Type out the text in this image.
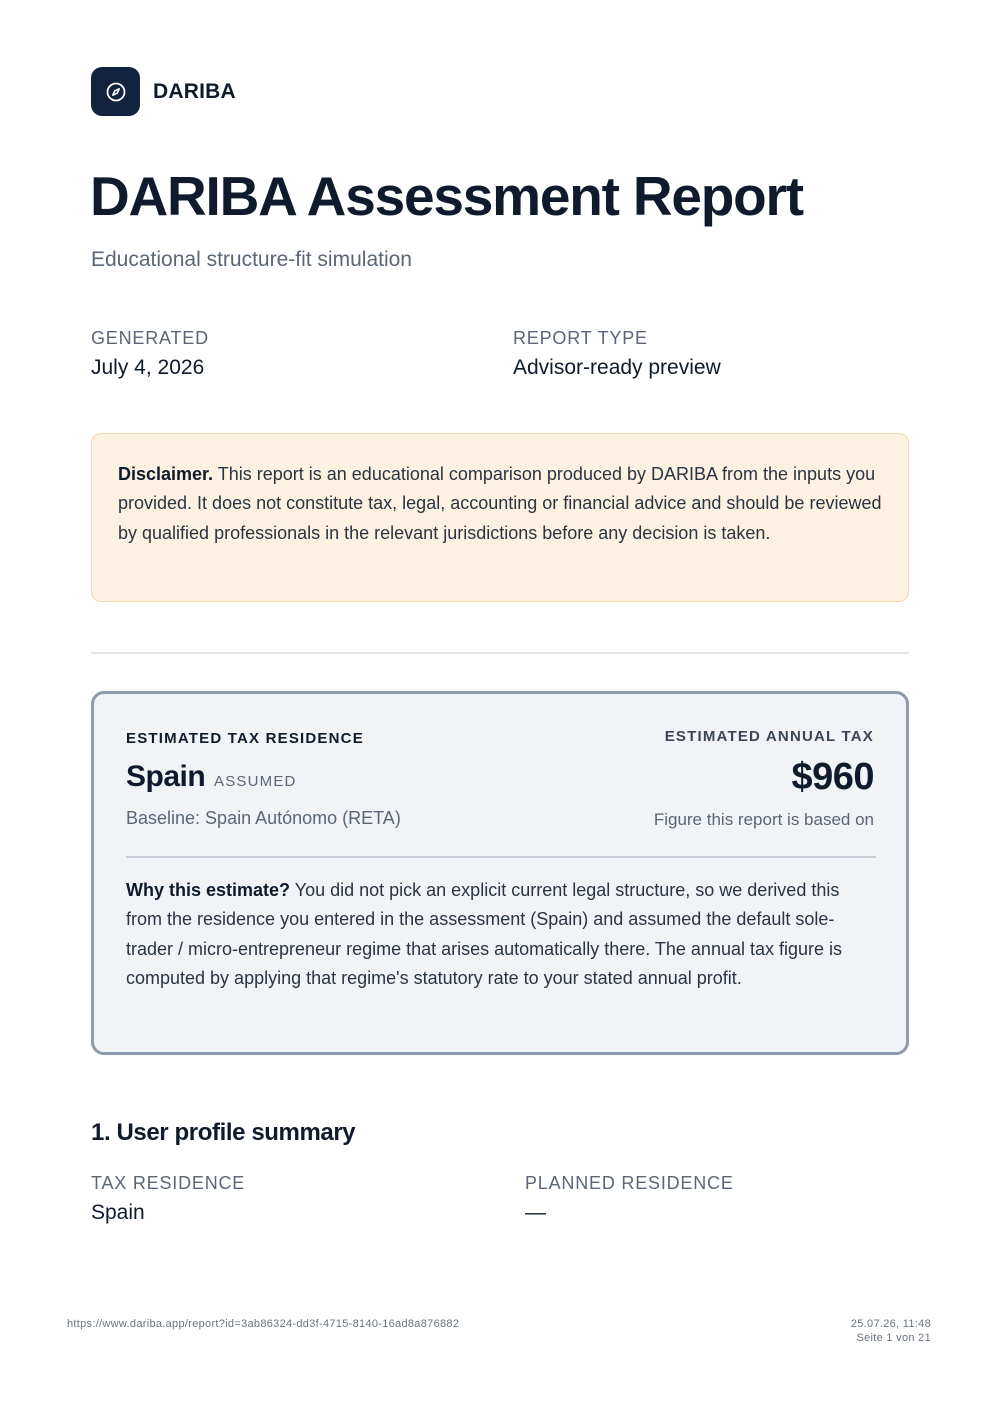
DARIBA
DARIBA Assessment Report
Educational structure-fit simulation
GENERATED
July 4, 2026
REPORT TYPE
Advisor-ready preview
Disclaimer. This report is an educational comparison produced by DARIBA from the inputs you provided. It does not constitute tax, legal, accounting or financial advice and should be reviewed by qualified professionals in the relevant jurisdictions before any decision is taken.
ESTIMATED TAX RESIDENCE	ESTIMATED ANNUAL TAX
Spain ASSUMED
Baseline: Spain Autónomo (RETA)
$960
Figure this report is based on

Why this estimate? You did not pick an explicit current legal structure, so we derived this from the residence you entered in the assessment (Spain) and assumed the default sole-trader / micro-entrepreneur regime that arises automatically there. The annual tax figure is computed by applying that regime's statutory rate to your stated annual profit.

1. User profile summary
TAX RESIDENCE
Spain
PLANNED RESIDENCE
—
https://www.dariba.app/report?id=3ab86324-dd3f-4715-8140-16ad8a876882	25.07.26, 11:48
Seite 1 von 21
